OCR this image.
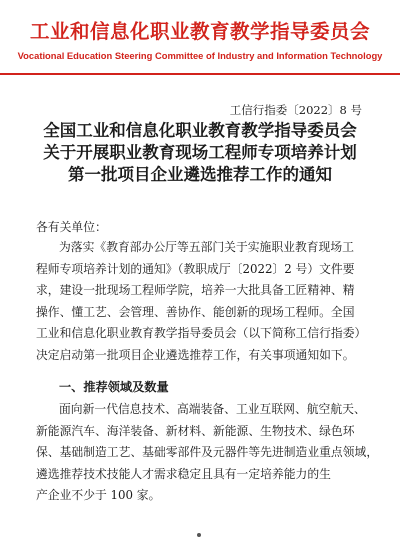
工业和信息化职业教育教学指导委员会
Vocational Education Steering Committee of Industry and Information Technology
工信行指委〔2022〕8 号
全国工业和信息化职业教育教学指导委员会
关于开展职业教育现场工程师专项培养计划
第一批项目企业遴选推荐工作的通知
各有关单位：
为落实《教育部办公厅等五部门关于实施职业教育现场工
程师专项培养计划的通知》（教职成厅〔2022〕2 号）文件要
求，建设一批现场工程师学院，培养一大批具备工匠精神、精
操作、懂工艺、会管理、善协作、能创新的现场工程师。全国
工业和信息化职业教育教学指导委员会（以下简称工信行指委）
决定启动第一批项目企业遴选推荐工作，有关事项通知如下。
一、推荐领域及数量
面向新一代信息技术、高端装备、工业互联网、航空航天、
新能源汽车、海洋装备、新材料、新能源、生物技术、绿色环
保、基础制造工艺、基础零部件及元器件等先进制造业重点领域，
遴选推荐技术技能人才需求稳定且具有一定培养能力的生
产企业不少于 100 家。
